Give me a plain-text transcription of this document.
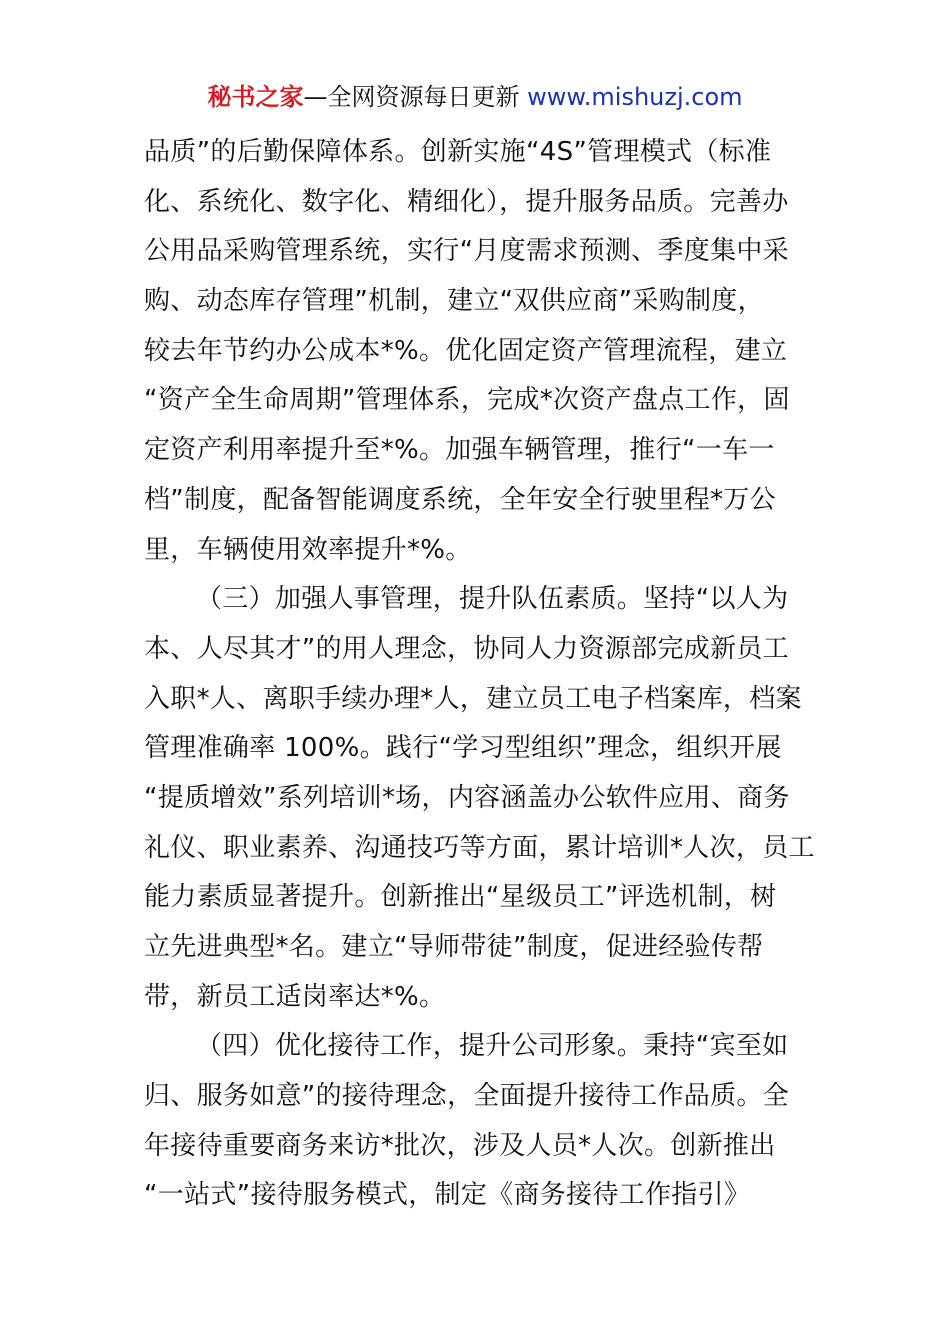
秘书之家—全网资源每日更新 www.mishuzj.com
品质”的后勤保障体系。创新实施“4S”管理模式（标准
化、系统化、数字化、精细化），提升服务品质。完善办
公用品采购管理系统，实行“月度需求预测、季度集中采
购、动态库存管理”机制，建立“双供应商”采购制度，
较去年节约办公成本*%。优化固定资产管理流程，建立
“资产全生命周期”管理体系，完成*次资产盘点工作，固
定资产利用率提升至*%。加强车辆管理，推行“一车一
档”制度，配备智能调度系统，全年安全行驶里程*万公
里，车辆使用效率提升*%。
（三）加强人事管理，提升队伍素质。坚持“以人为
本、人尽其才”的用人理念，协同人力资源部完成新员工
入职*人、离职手续办理*人，建立员工电子档案库，档案
管理准确率 100%。践行“学习型组织”理念，组织开展
“提质增效”系列培训*场，内容涵盖办公软件应用、商务
礼仪、职业素养、沟通技巧等方面，累计培训*人次，员工
能力素质显著提升。创新推出“星级员工”评选机制，树
立先进典型*名。建立“导师带徒”制度，促进经验传帮
带，新员工适岗率达*%。
（四）优化接待工作，提升公司形象。秉持“宾至如
归、服务如意”的接待理念，全面提升接待工作品质。全
年接待重要商务来访*批次，涉及人员*人次。创新推出
“一站式”接待服务模式，制定《商务接待工作指引》
